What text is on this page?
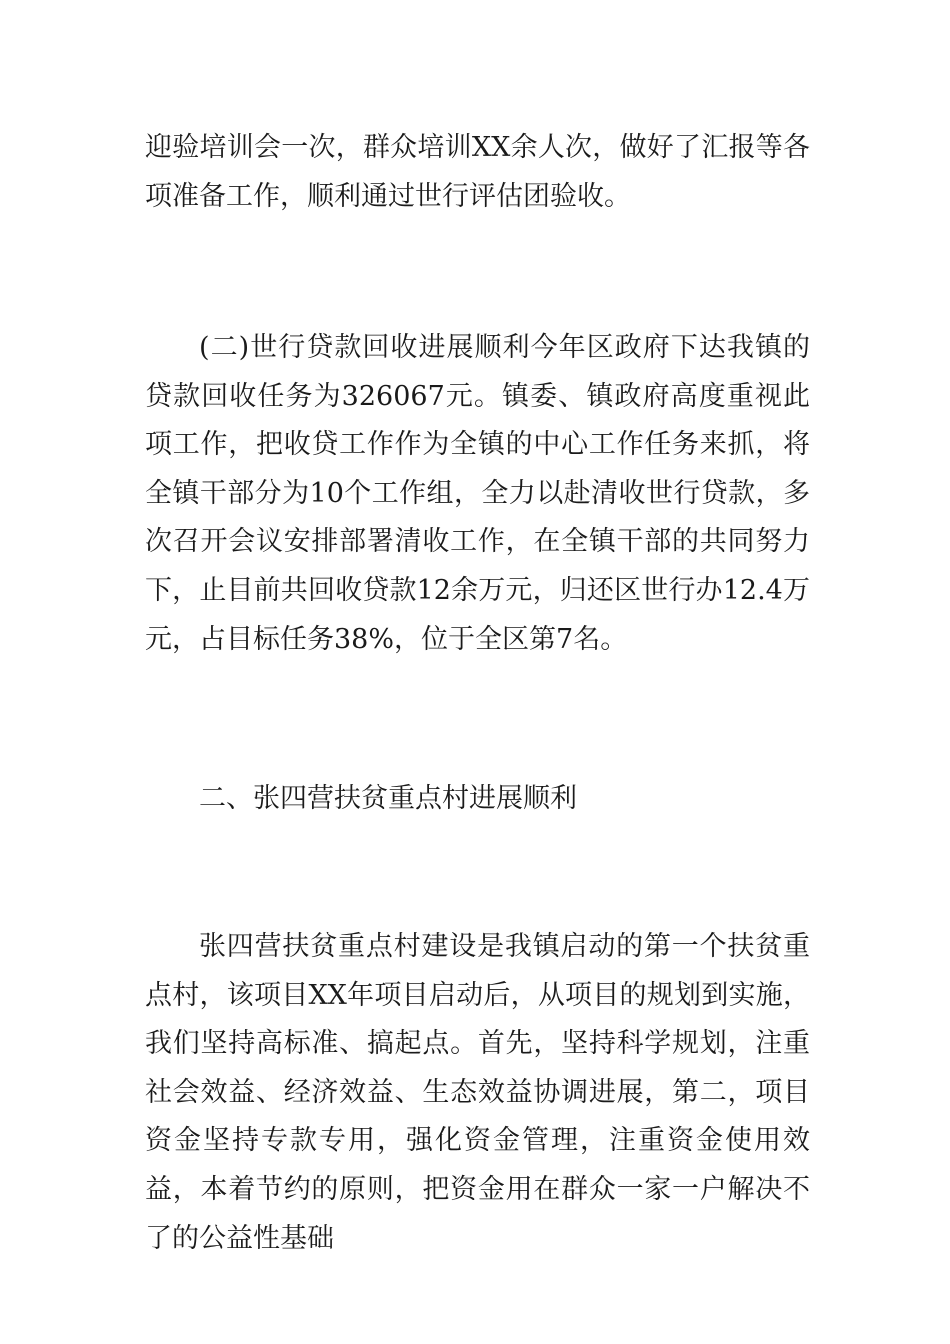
迎验培训会一次，群众培训XX余人次，做好了汇报等各项准备工作，顺利通过世行评估团验收。

(二)世行贷款回收进展顺利今年区政府下达我镇的贷款回收任务为326067元。镇委、镇政府高度重视此项工作，把收贷工作作为全镇的中心工作任务来抓，将全镇干部分为10个工作组，全力以赴清收世行贷款，多次召开会议安排部署清收工作，在全镇干部的共同努力下，止目前共回收贷款12余万元，归还区世行办12.4万元，占目标任务38%，位于全区第7名。

二、张四营扶贫重点村进展顺利

张四营扶贫重点村建设是我镇启动的第一个扶贫重点村，该项目XX年项目启动后，从项目的规划到实施，我们坚持高标准、搞起点。首先，坚持科学规划，注重社会效益、经济效益、生态效益协调进展，第二，项目资金坚持专款专用，强化资金管理，注重资金使用效益，本着节约的原则，把资金用在群众一家一户解决不了的公益性基础
